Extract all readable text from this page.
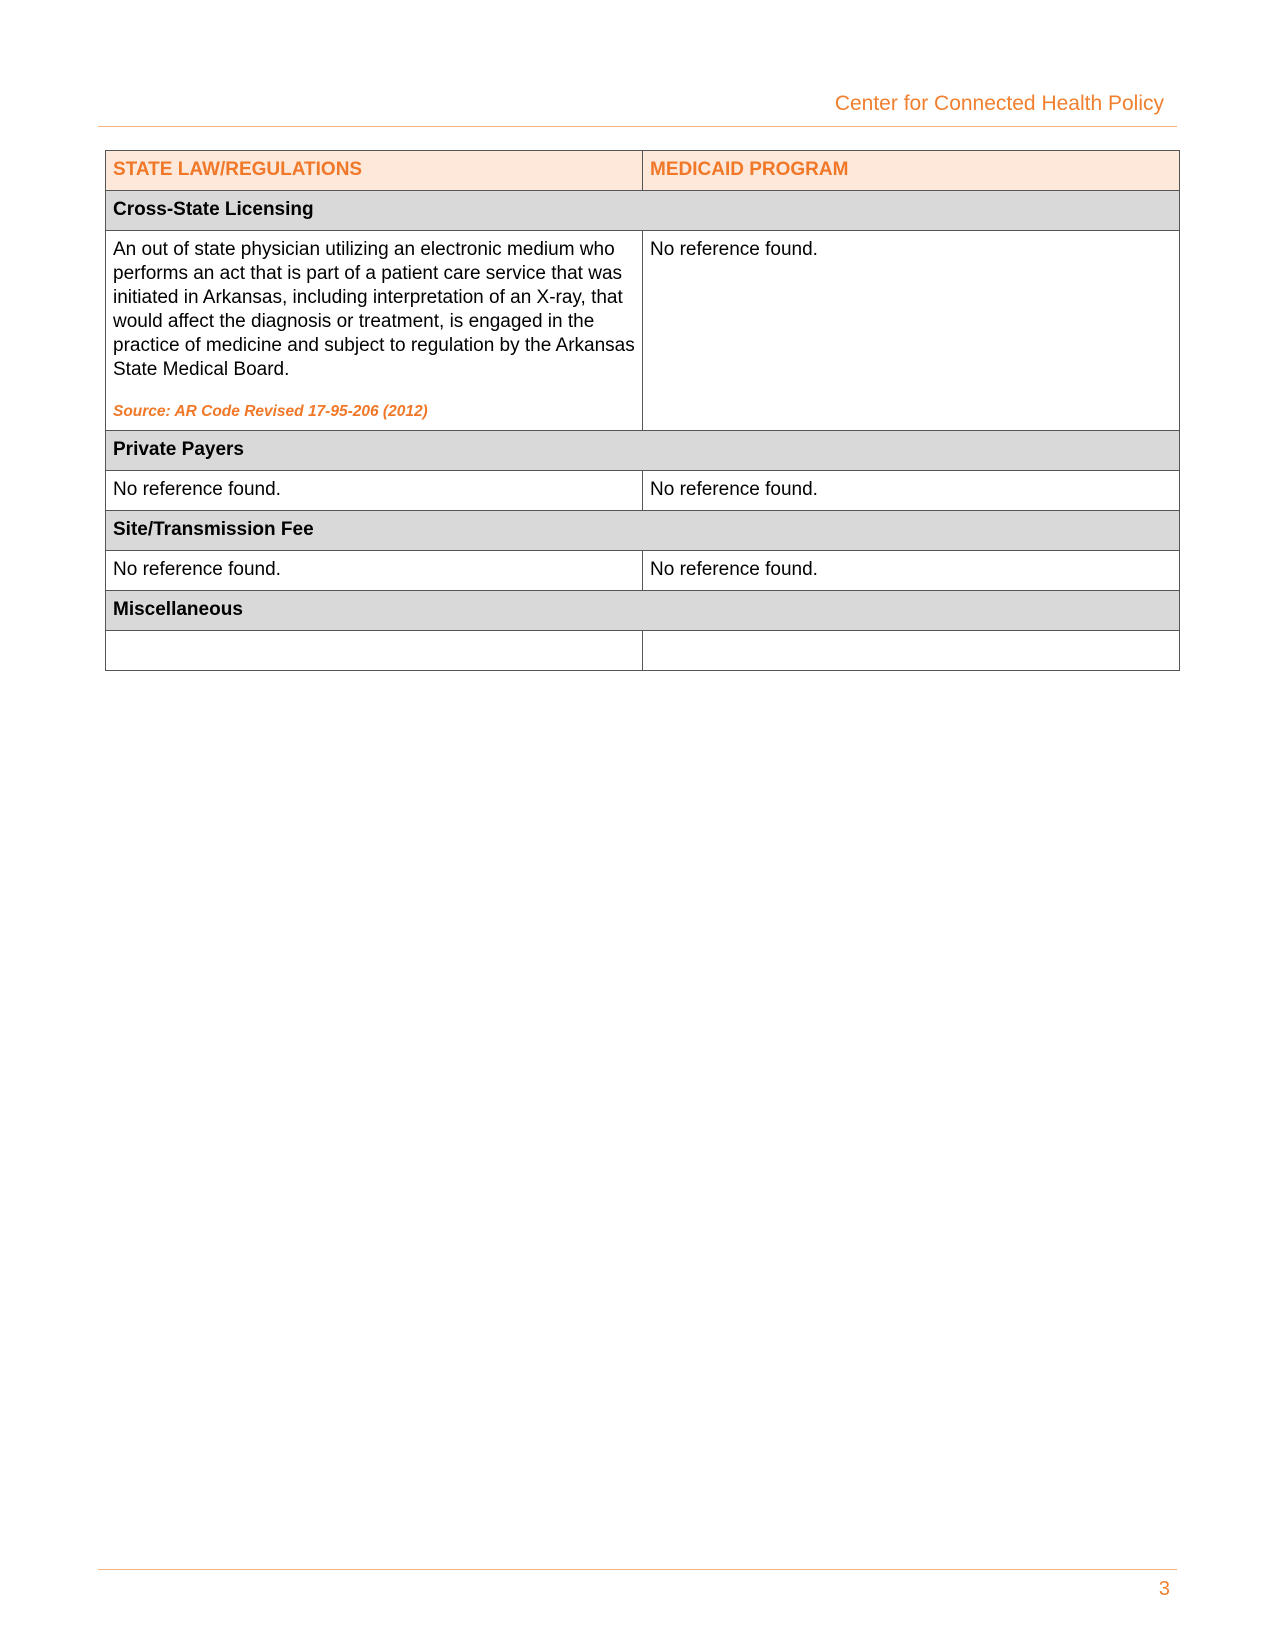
Center for Connected Health Policy
STATE LAW/REGULATIONS	MEDICAID PROGRAM
Cross-State Licensing	

An out of state physician utilizing an electronic medium who performs an act that is part of a patient care service that was initiated in Arkansas, including interpretation of an X-ray, that would affect the diagnosis or treatment, is engaged in the practice of medicine and subject to regulation by the Arkansas State Medical Board.
Source: AR Code Revised 17-95-206 (2012)	No reference found.
Private Payers	
No reference found.	No reference found.
Site/Transmission Fee	
No reference found.	No reference found.
Miscellaneous	

3
